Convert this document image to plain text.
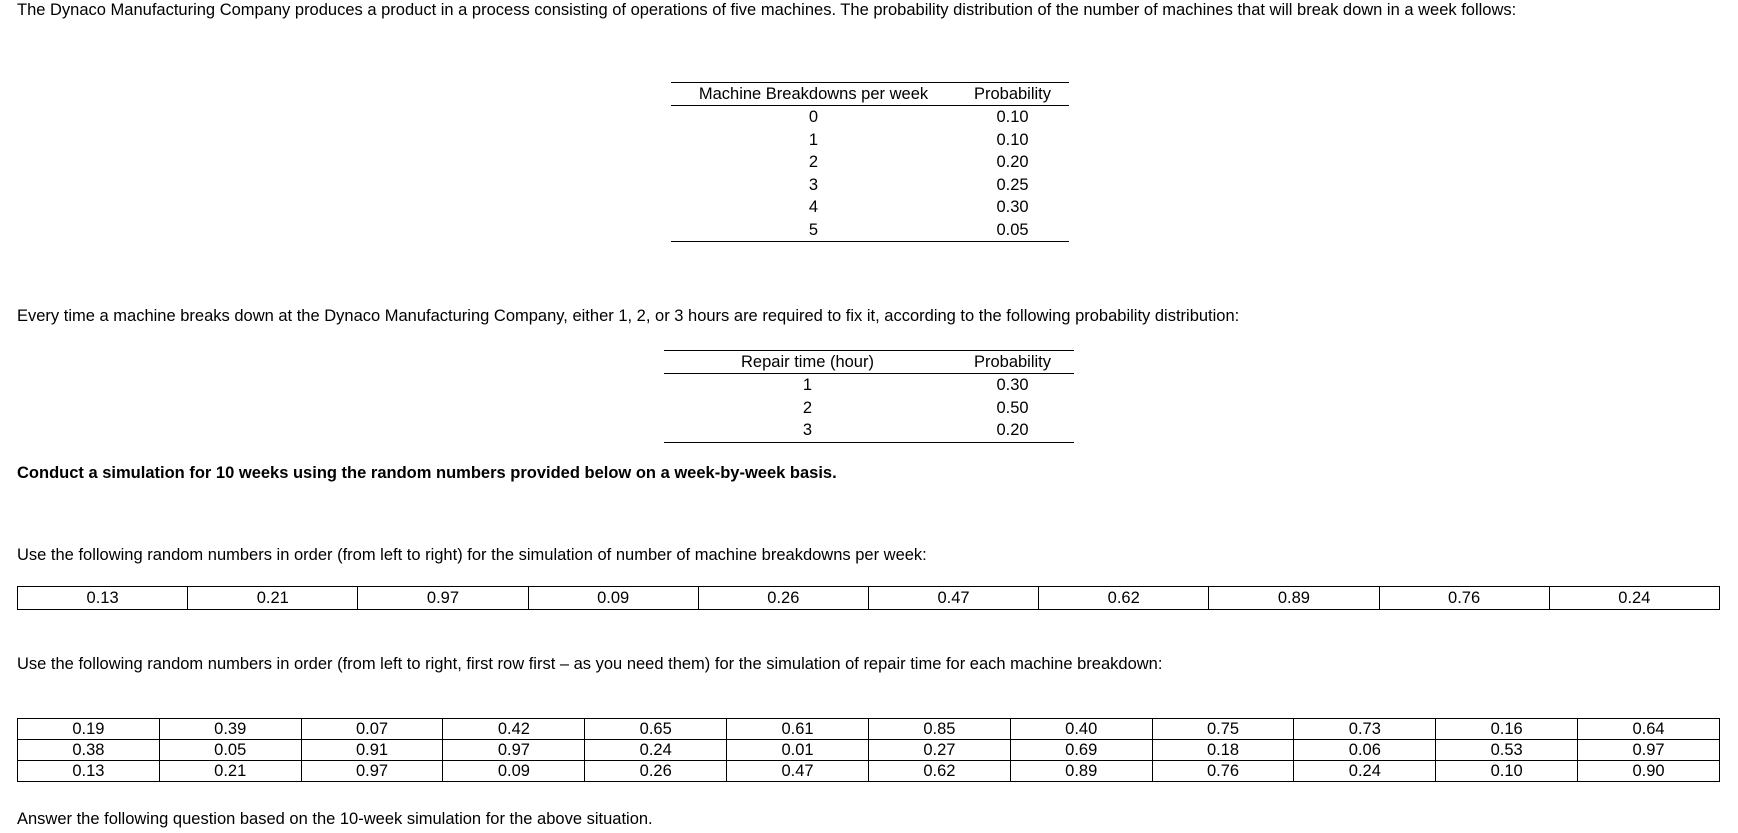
The Dynaco Manufacturing Company produces a product in a process consisting of operations of five machines. The probability distribution of the number of machines that will break down in a week follows:

Machine Breakdowns per week	Probability
0	0.10
1	0.10
2	0.20
3	0.25
4	0.30
5	0.05

Every time a machine breaks down at the Dynaco Manufacturing Company, either 1, 2, or 3 hours are required to fix it, according to the following probability distribution:

Repair time (hour)	Probability
1	0.30
2	0.50
3	0.20

Conduct a simulation for 10 weeks using the random numbers provided below on a week-by-week basis.

Use the following random numbers in order (from left to right) for the simulation of number of machine breakdowns per week:

0.13	0.21	0.97	0.09	0.26	0.47	0.62	0.89	0.76	0.24

Use the following random numbers in order (from left to right, first row first – as you need them) for the simulation of repair time for each machine breakdown:

0.19	0.39	0.07	0.42	0.65	0.61	0.85	0.40	0.75	0.73	0.16	0.64
0.38	0.05	0.91	0.97	0.24	0.01	0.27	0.69	0.18	0.06	0.53	0.97
0.13	0.21	0.97	0.09	0.26	0.47	0.62	0.89	0.76	0.24	0.10	0.90

Answer the following question based on the 10-week simulation for the above situation.
